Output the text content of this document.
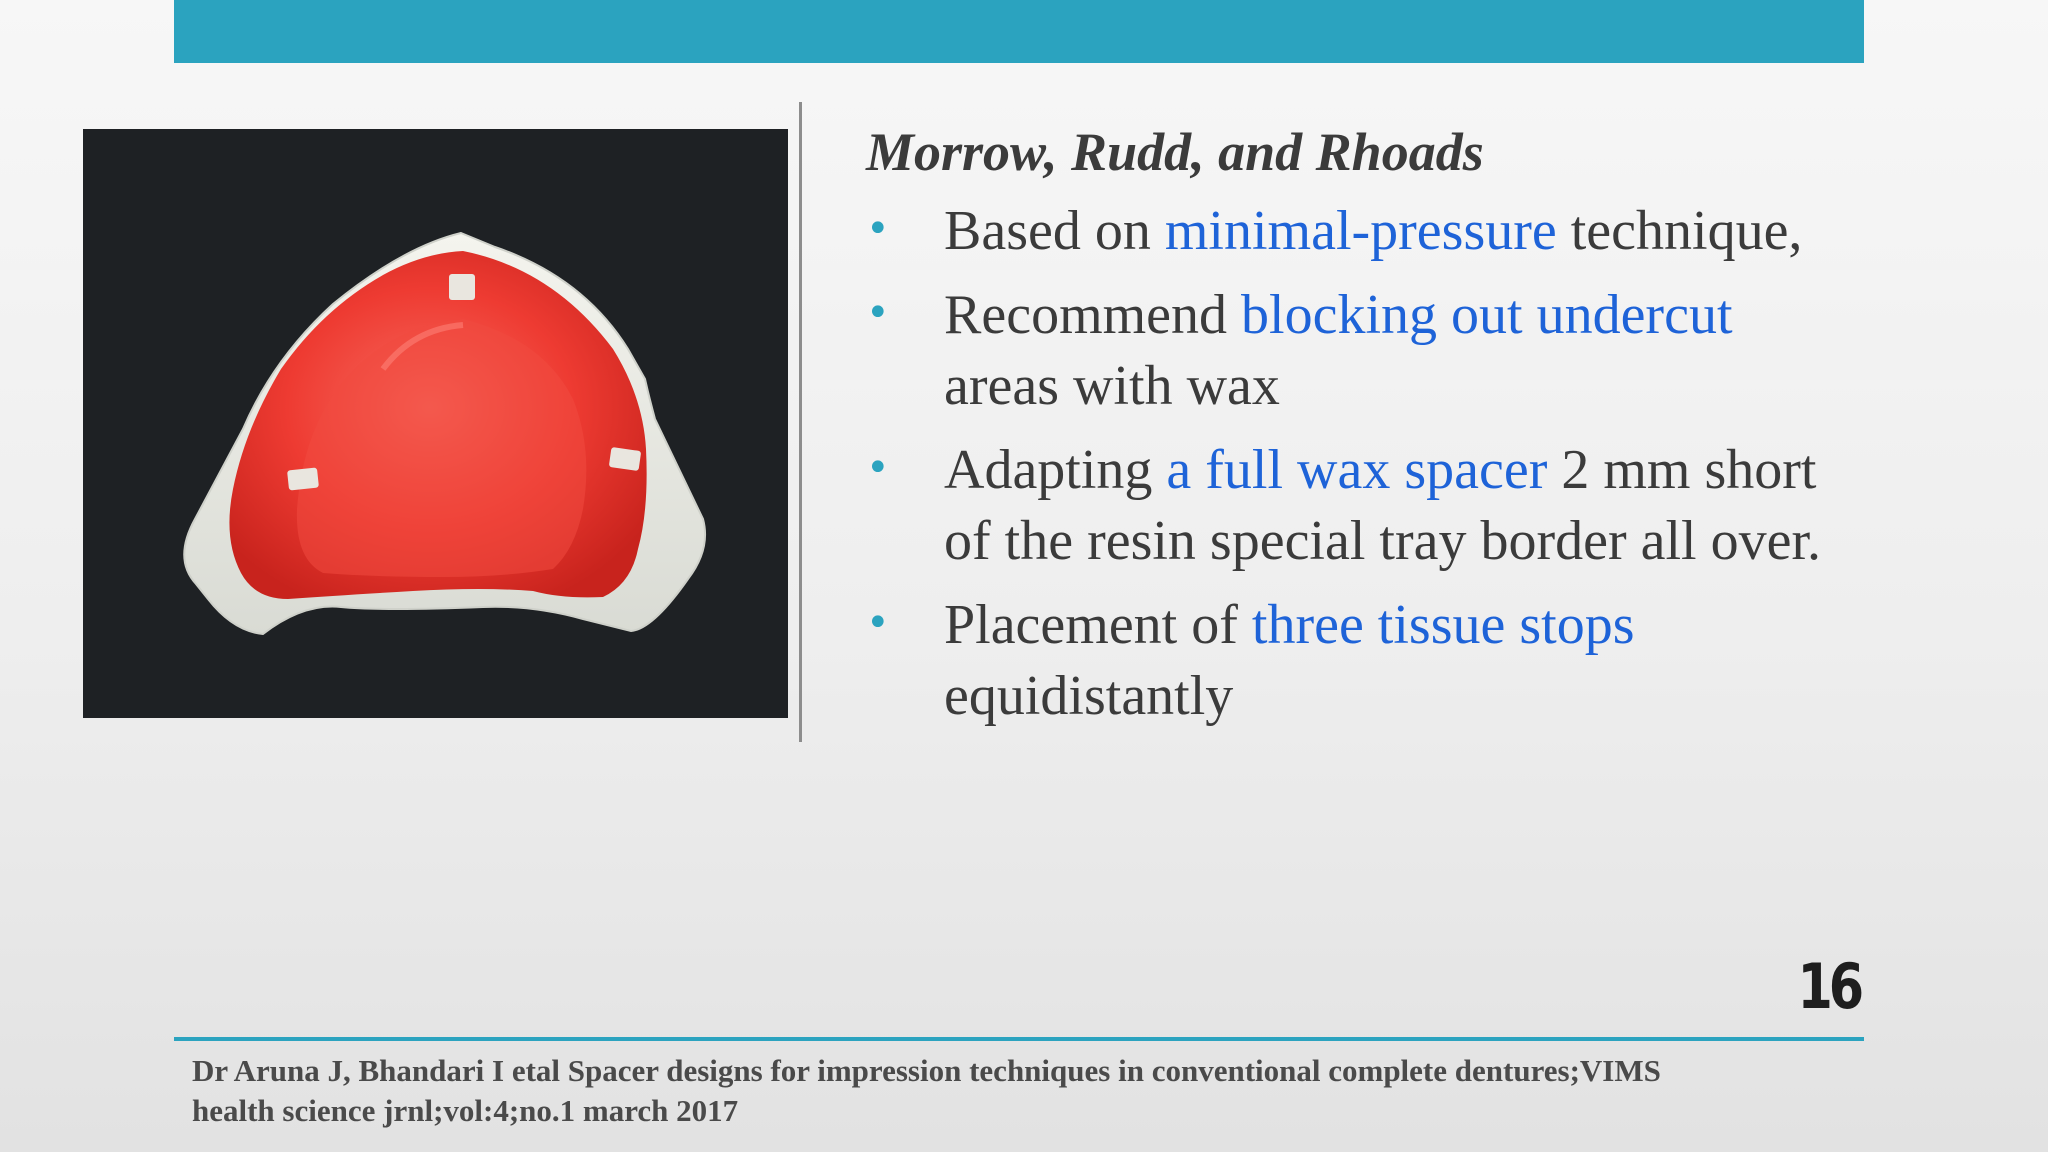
Morrow, Rudd, and Rhoads
• Based on minimal-pressure technique,
• Recommend blocking out undercut
areas with wax
• Adapting a full wax spacer 2 mm short
of the resin special tray border all over.
• Placement of three tissue stops
equidistantly
16
Dr Aruna J, Bhandari I etal Spacer designs for impression techniques in conventional complete dentures;VIMS
health science jrnl;vol:4;no.1 march 2017
